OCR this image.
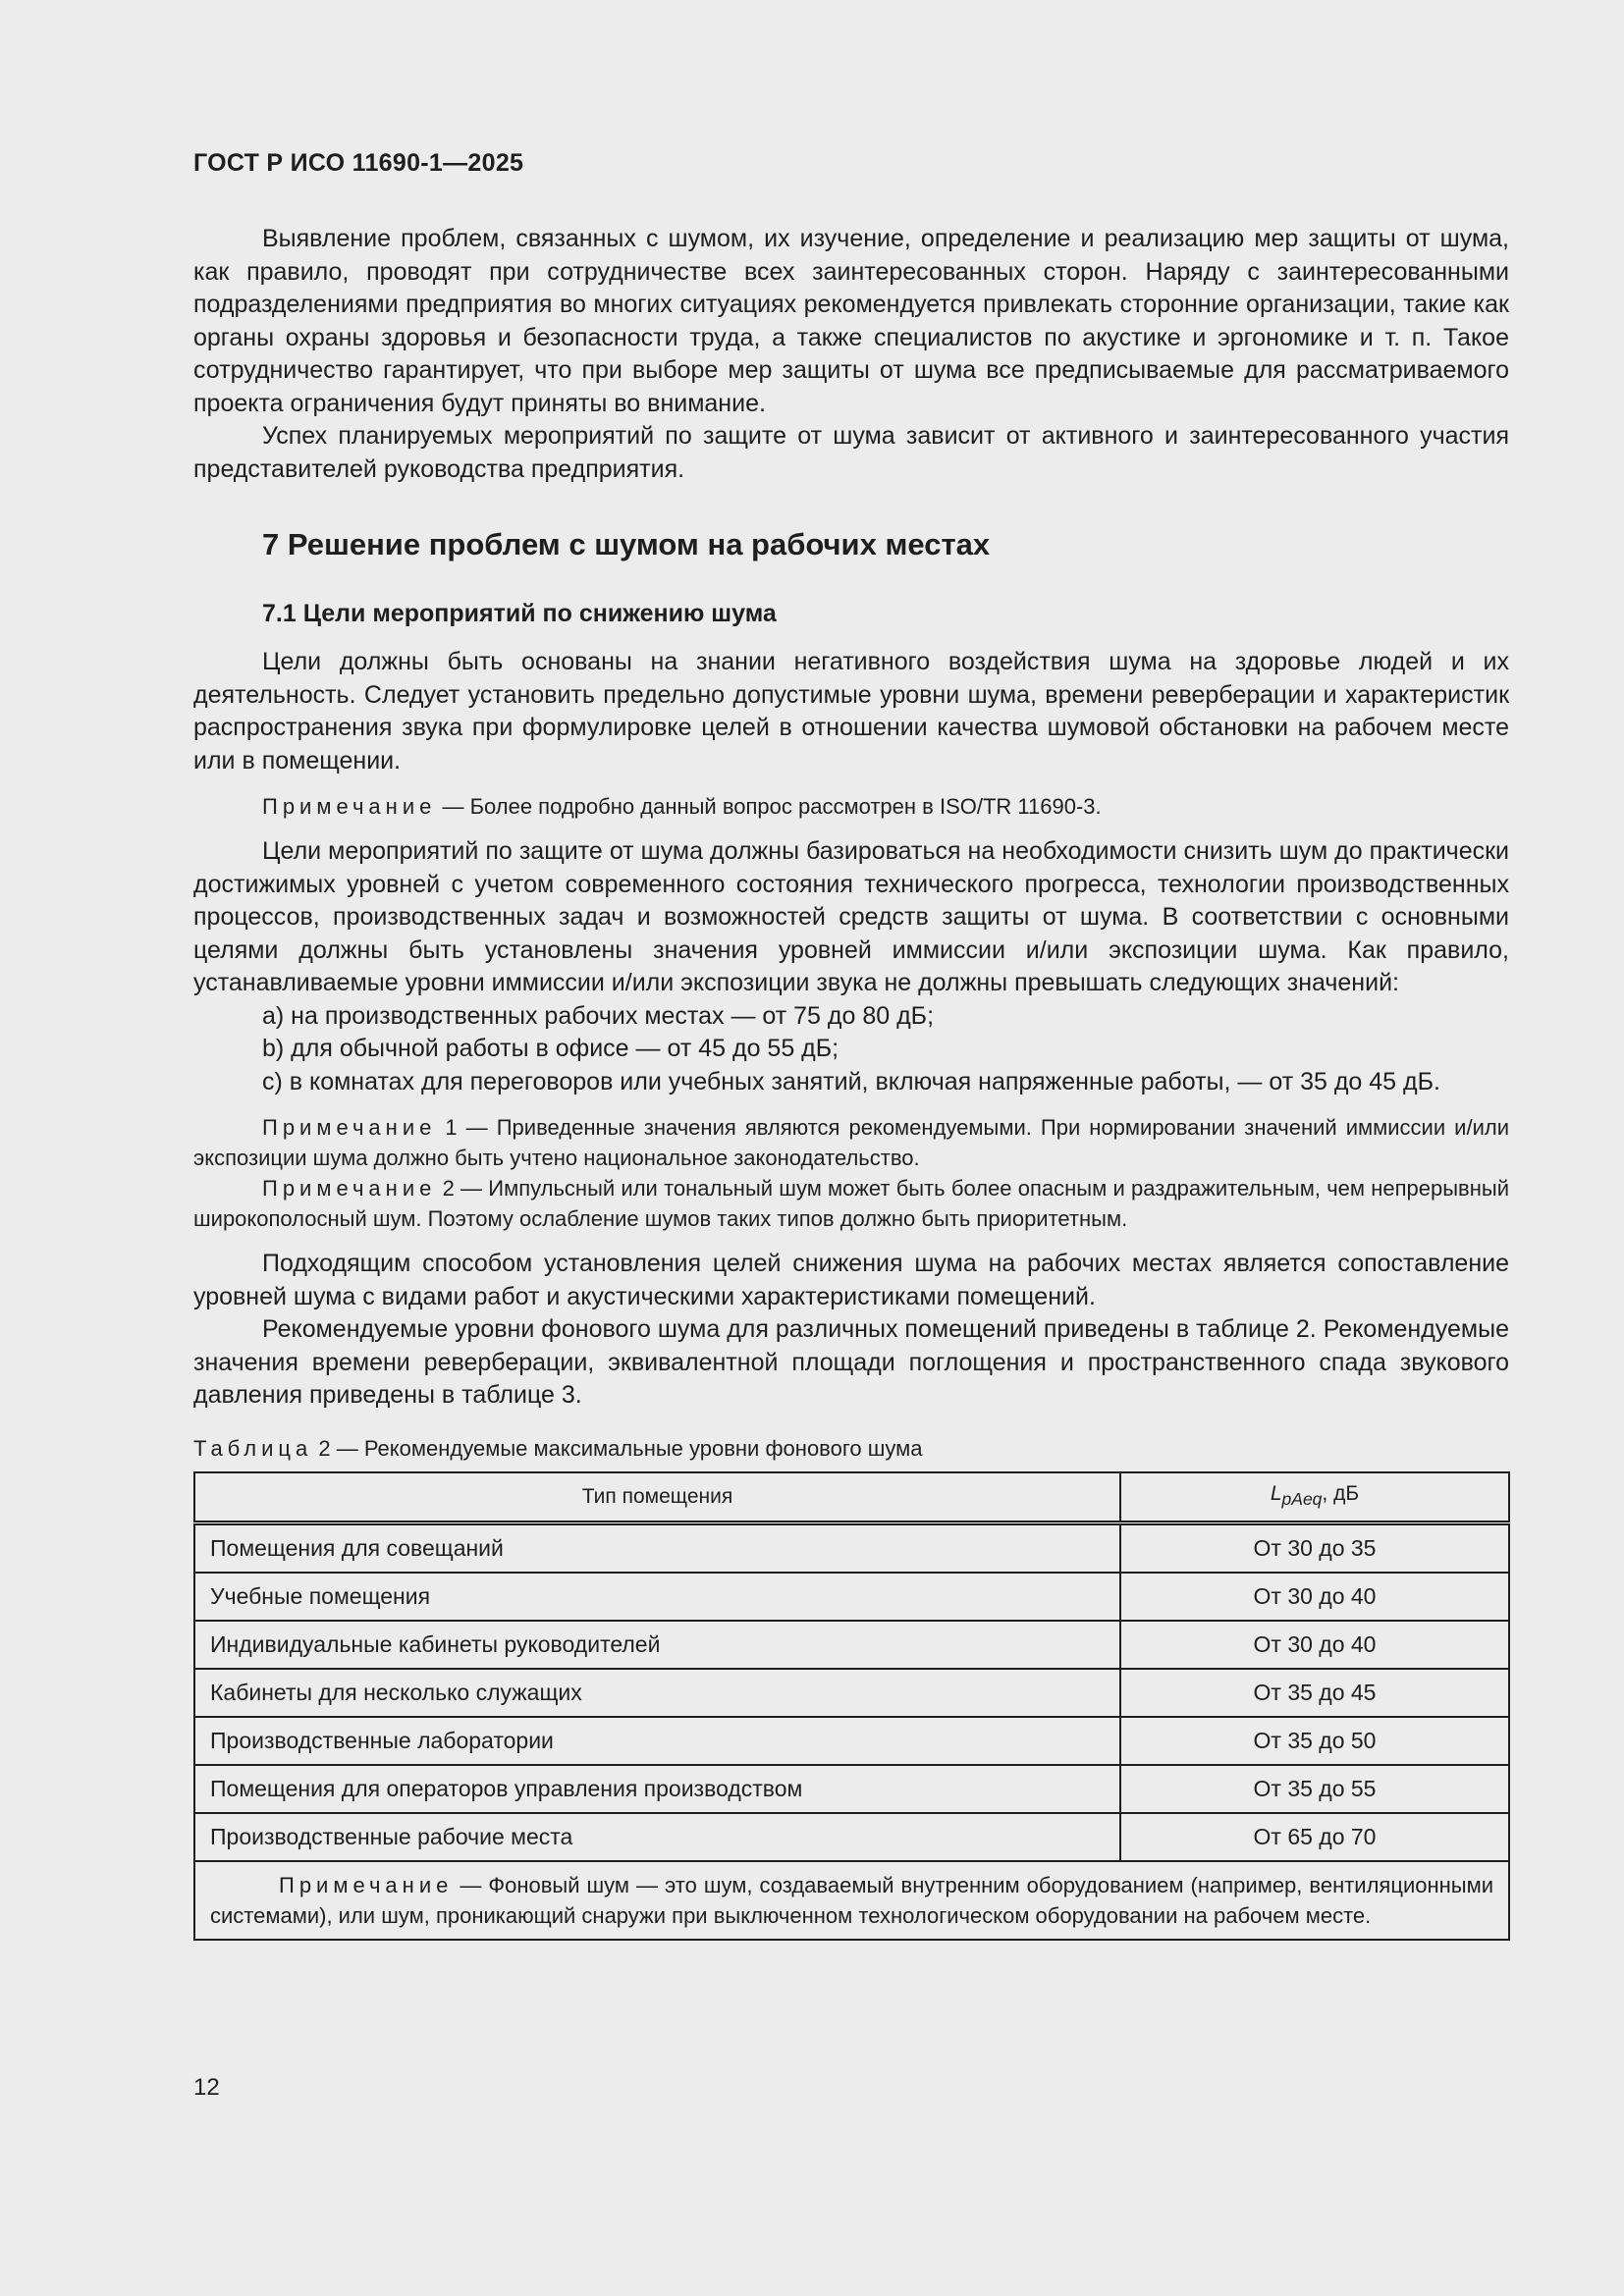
ГОСТ Р ИСО 11690-1—2025

Выявление проблем, связанных с шумом, их изучение, определение и реализацию мер защиты от шума, как правило, проводят при сотрудничестве всех заинтересованных сторон. Наряду с заинтересованными подразделениями предприятия во многих ситуациях рекомендуется привлекать сторонние организации, такие как органы охраны здоровья и безопасности труда, а также специалистов по акустике и эргономике и т. п. Такое сотрудничество гарантирует, что при выборе мер защиты от шума все предписываемые для рассматриваемого проекта ограничения будут приняты во внимание.

Успех планируемых мероприятий по защите от шума зависит от активного и заинтересованного участия представителей руководства предприятия.

7 Решение проблем с шумом на рабочих местах
7.1 Цели мероприятий по снижению шума

Цели должны быть основаны на знании негативного воздействия шума на здоровье людей и их деятельность. Следует установить предельно допустимые уровни шума, времени реверберации и характеристик распространения звука при формулировке целей в отношении качества шумовой обстановки на рабочем месте или в помещении.

Примечание — Более подробно данный вопрос рассмотрен в ISO/TR 11690-3.

Цели мероприятий по защите от шума должны базироваться на необходимости снизить шум до практически достижимых уровней с учетом современного состояния технического прогресса, технологии производственных процессов, производственных задач и возможностей средств защиты от шума. В соответствии с основными целями должны быть установлены значения уровней иммиссии и/или экспозиции шума. Как правило, устанавливаемые уровни иммиссии и/или экспозиции звука не должны превышать следующих значений:

a) на производственных рабочих местах — от 75 до 80 дБ;

b) для обычной работы в офисе — от 45 до 55 дБ;

c) в комнатах для переговоров или учебных занятий, включая напряженные работы, — от 35 до 45 дБ.

Примечание 1 — Приведенные значения являются рекомендуемыми. При нормировании значений иммиссии и/или экспозиции шума должно быть учтено национальное законодательство.

Примечание 2 — Импульсный или тональный шум может быть более опасным и раздражительным, чем непрерывный широкополосный шум. Поэтому ослабление шумов таких типов должно быть приоритетным.

Подходящим способом установления целей снижения шума на рабочих местах является сопоставление уровней шума с видами работ и акустическими характеристиками помещений.

Рекомендуемые уровни фонового шума для различных помещений приведены в таблице 2. Рекомендуемые значения времени реверберации, эквивалентной площади поглощения и пространственного спада звукового давления приведены в таблице 3.

Таблица 2 — Рекомендуемые максимальные уровни фонового шума
Тип помещения	$L_{pAeq}$, дБ
Помещения для совещаний	От 30 до 35
Учебные помещения	От 30 до 40
Индивидуальные кабинеты руководителей	От 30 до 40
Кабинеты для несколько служащих	От 35 до 45
Производственные лаборатории	От 35 до 50
Помещения для операторов управления производством	От 35 до 55
Производственные рабочие места	От 65 до 70
Примечание — Фоновый шум — это шум, создаваемый внутренним оборудованием (например, вентиляционными системами), или шум, проникающий снаружи при выключенном технологическом оборудовании на рабочем месте.	
12
